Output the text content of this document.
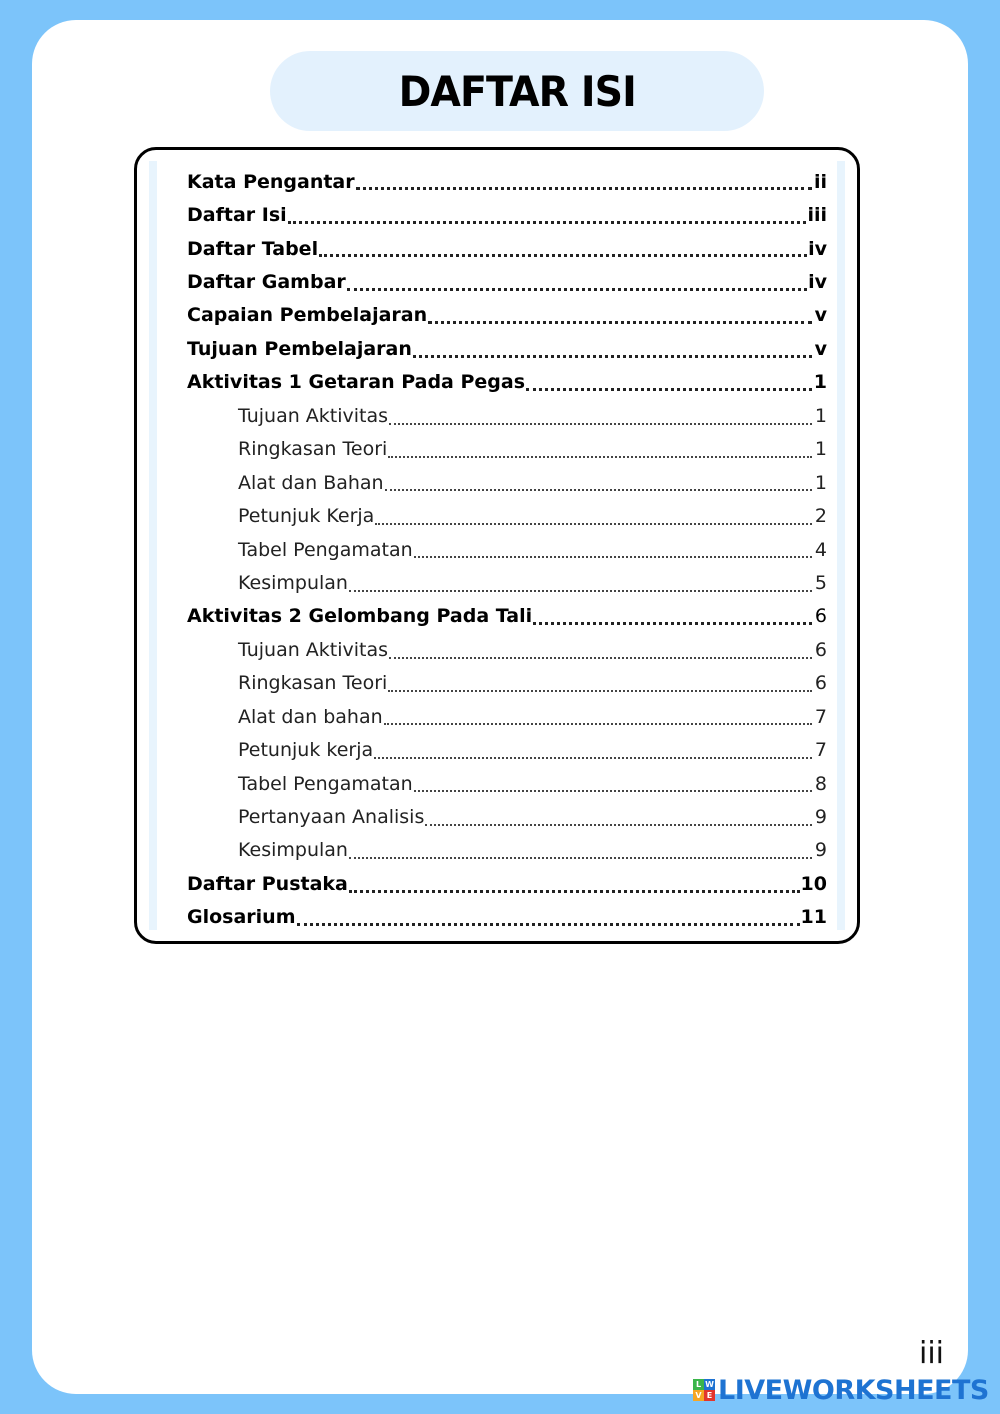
DAFTAR ISI
Kata Pengantar	ii
Daftar Isi	iii
Daftar Tabel	iv
Daftar Gambar	iv
Capaian Pembelajaran	v
Tujuan Pembelajaran	v
Aktivitas 1 Getaran Pada Pegas	1
Tujuan Aktivitas	1
Ringkasan Teori	1
Alat dan Bahan	1
Petunjuk Kerja	2
Tabel Pengamatan	4
Kesimpulan	5
Aktivitas 2 Gelombang Pada Tali	6
Tujuan Aktivitas	6
Ringkasan Teori	6
Alat dan bahan	7
Petunjuk kerja	7
Tabel Pengamatan	8
Pertanyaan Analisis	9
Kesimpulan	9
Daftar Pustaka	10
Glosarium	11
iii
L W
V E LIVEWORKSHEETS
